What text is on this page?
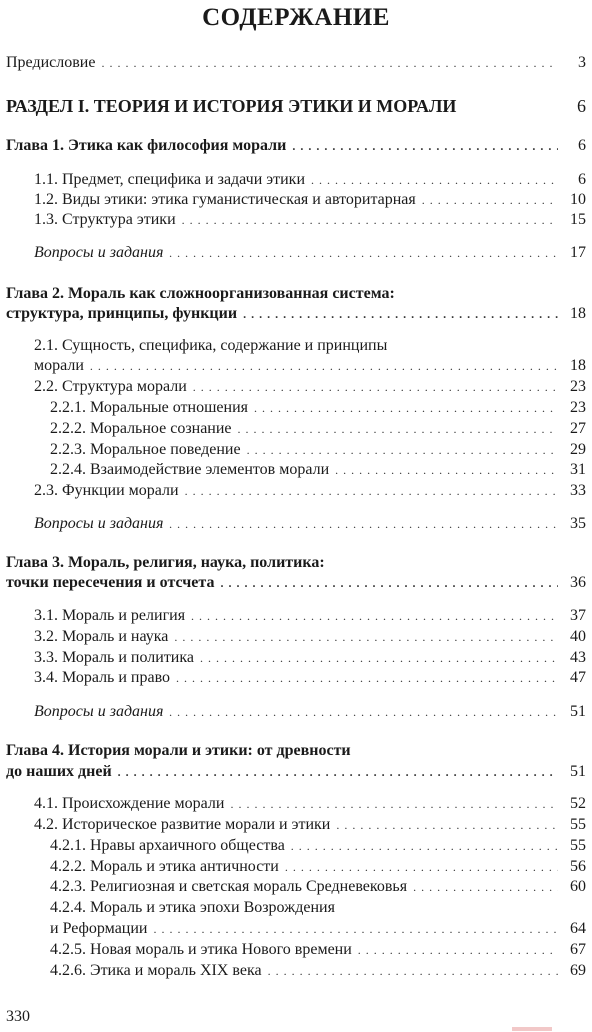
СОДЕРЖАНИЕ
Предисловие . . .	3
РАЗДЕЛ I. ТЕОРИЯ И ИСТОРИЯ ЭТИКИ И МОРАЛИ	6
Глава 1. Этика как философия морали . . .	6
1.1. Предмет, специфика и задачи этики . . .	6
1.2. Виды этики: этика гуманистическая и авторитарная . . .	10
1.3. Структура этики . . .	15
Вопросы и задания . . .	17
Глава 2. Мораль как сложноорганизованная система:
структура, принципы, функции . . .	18
2.1. Сущность, специфика, содержание и принципы
морали . . .	18
2.2. Структура морали . . .	23
2.2.1. Моральные отношения . . .	23
2.2.2. Моральное сознание . . .	27
2.2.3. Моральное поведение . . .	29
2.2.4. Взаимодействие элементов морали . . .	31
2.3. Функции морали . . .	33
Вопросы и задания . . .	35
Глава 3. Мораль, религия, наука, политика:
точки пересечения и отсчета . . .	36
3.1. Мораль и религия . . .	37
3.2. Мораль и наука . . .	40
3.3. Мораль и политика . . .	43
3.4. Мораль и право . . .	47
Вопросы и задания . . .	51
Глава 4. История морали и этики: от древности
до наших дней . . .	51
4.1. Происхождение морали . . .	52
4.2. Историческое развитие морали и этики . . .	55
4.2.1. Нравы архаичного общества . . .	55
4.2.2. Мораль и этика античности . . .	56
4.2.3. Религиозная и светская мораль Средневековья . . .	60
4.2.4. Мораль и этика эпохи Возрождения
и Реформации . . .	64
4.2.5. Новая мораль и этика Нового времени . . .	67
4.2.6. Этика и мораль XIX века . . .	69
330
